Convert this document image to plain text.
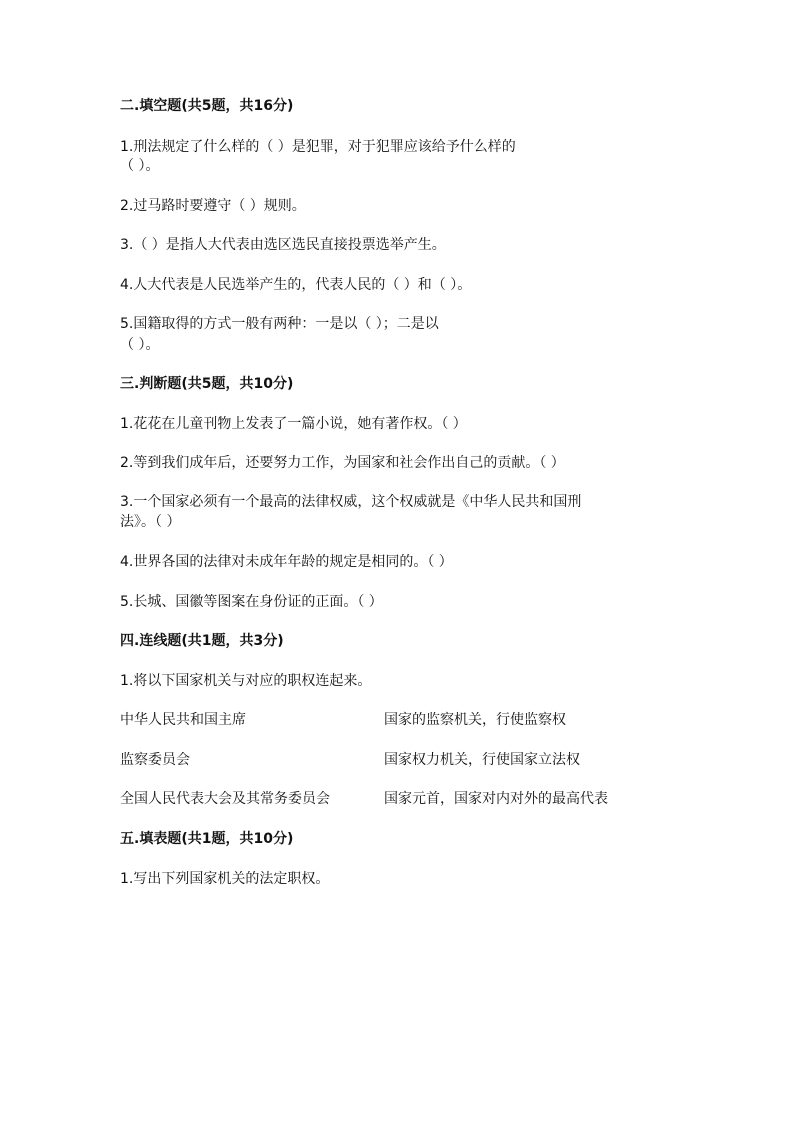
二.填空题(共5题，共16分)
1.刑法规定了什么样的（ ）是犯罪，对于犯罪应该给予什么样的
（ ）。
2.过马路时要遵守（ ）规则。
3.（ ）是指人大代表由选区选民直接投票选举产生。
4.人大代表是人民选举产生的，代表人民的（ ）和（ ）。
5.国籍取得的方式一般有两种：一是以（ ）；二是以
（ ）。
三.判断题(共5题，共10分)
1.花花在儿童刊物上发表了一篇小说，她有著作权。（ ）
2.等到我们成年后，还要努力工作，为国家和社会作出自己的贡献。（ ）
3.一个国家必须有一个最高的法律权威，这个权威就是《中华人民共和国刑
法》。（ ）
4.世界各国的法律对未成年年龄的规定是相同的。（ ）
5.长城、国徽等图案在身份证的正面。（ ）
四.连线题(共1题，共3分)
1.将以下国家机关与对应的职权连起来。
中华人民共和国主席	国家的监察机关，行使监察权
监察委员会	国家权力机关，行使国家立法权
全国人民代表大会及其常务委员会	国家元首，国家对内对外的最高代表
五.填表题(共1题，共10分)
1.写出下列国家机关的法定职权。
